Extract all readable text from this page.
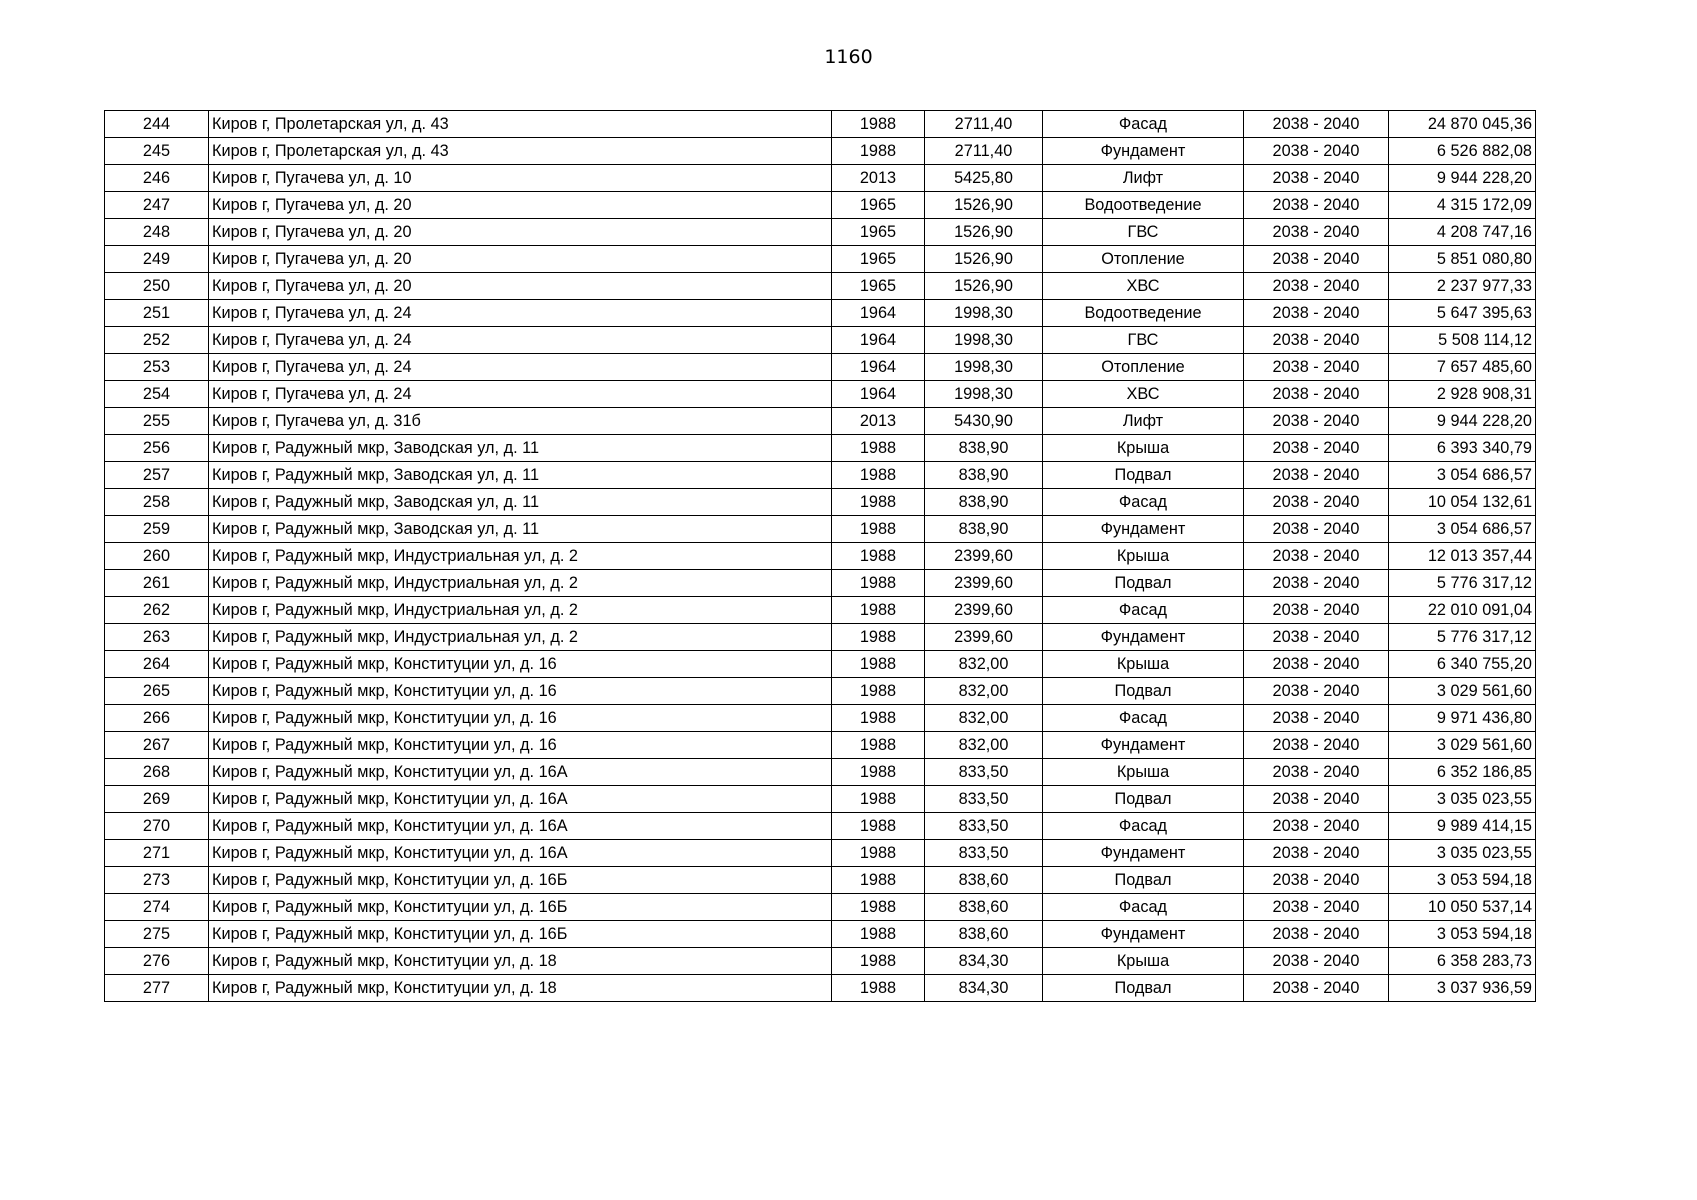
1160
244	Киров г, Пролетарская ул, д. 43	1988	2711,40	Фасад	2038 - 2040	24 870 045,36
245	Киров г, Пролетарская ул, д. 43	1988	2711,40	Фундамент	2038 - 2040	6 526 882,08
246	Киров г, Пугачева ул, д. 10	2013	5425,80	Лифт	2038 - 2040	9 944 228,20
247	Киров г, Пугачева ул, д. 20	1965	1526,90	Водоотведение	2038 - 2040	4 315 172,09
248	Киров г, Пугачева ул, д. 20	1965	1526,90	ГВС	2038 - 2040	4 208 747,16
249	Киров г, Пугачева ул, д. 20	1965	1526,90	Отопление	2038 - 2040	5 851 080,80
250	Киров г, Пугачева ул, д. 20	1965	1526,90	ХВС	2038 - 2040	2 237 977,33
251	Киров г, Пугачева ул, д. 24	1964	1998,30	Водоотведение	2038 - 2040	5 647 395,63
252	Киров г, Пугачева ул, д. 24	1964	1998,30	ГВС	2038 - 2040	5 508 114,12
253	Киров г, Пугачева ул, д. 24	1964	1998,30	Отопление	2038 - 2040	7 657 485,60
254	Киров г, Пугачева ул, д. 24	1964	1998,30	ХВС	2038 - 2040	2 928 908,31
255	Киров г, Пугачева ул, д. 31б	2013	5430,90	Лифт	2038 - 2040	9 944 228,20
256	Киров г, Радужный мкр, Заводская ул, д. 11	1988	838,90	Крыша	2038 - 2040	6 393 340,79
257	Киров г, Радужный мкр, Заводская ул, д. 11	1988	838,90	Подвал	2038 - 2040	3 054 686,57
258	Киров г, Радужный мкр, Заводская ул, д. 11	1988	838,90	Фасад	2038 - 2040	10 054 132,61
259	Киров г, Радужный мкр, Заводская ул, д. 11	1988	838,90	Фундамент	2038 - 2040	3 054 686,57
260	Киров г, Радужный мкр, Индустриальная ул, д. 2	1988	2399,60	Крыша	2038 - 2040	12 013 357,44
261	Киров г, Радужный мкр, Индустриальная ул, д. 2	1988	2399,60	Подвал	2038 - 2040	5 776 317,12
262	Киров г, Радужный мкр, Индустриальная ул, д. 2	1988	2399,60	Фасад	2038 - 2040	22 010 091,04
263	Киров г, Радужный мкр, Индустриальная ул, д. 2	1988	2399,60	Фундамент	2038 - 2040	5 776 317,12
264	Киров г, Радужный мкр, Конституции ул, д. 16	1988	832,00	Крыша	2038 - 2040	6 340 755,20
265	Киров г, Радужный мкр, Конституции ул, д. 16	1988	832,00	Подвал	2038 - 2040	3 029 561,60
266	Киров г, Радужный мкр, Конституции ул, д. 16	1988	832,00	Фасад	2038 - 2040	9 971 436,80
267	Киров г, Радужный мкр, Конституции ул, д. 16	1988	832,00	Фундамент	2038 - 2040	3 029 561,60
268	Киров г, Радужный мкр, Конституции ул, д. 16А	1988	833,50	Крыша	2038 - 2040	6 352 186,85
269	Киров г, Радужный мкр, Конституции ул, д. 16А	1988	833,50	Подвал	2038 - 2040	3 035 023,55
270	Киров г, Радужный мкр, Конституции ул, д. 16А	1988	833,50	Фасад	2038 - 2040	9 989 414,15
271	Киров г, Радужный мкр, Конституции ул, д. 16А	1988	833,50	Фундамент	2038 - 2040	3 035 023,55
273	Киров г, Радужный мкр, Конституции ул, д. 16Б	1988	838,60	Подвал	2038 - 2040	3 053 594,18
274	Киров г, Радужный мкр, Конституции ул, д. 16Б	1988	838,60	Фасад	2038 - 2040	10 050 537,14
275	Киров г, Радужный мкр, Конституции ул, д. 16Б	1988	838,60	Фундамент	2038 - 2040	3 053 594,18
276	Киров г, Радужный мкр, Конституции ул, д. 18	1988	834,30	Крыша	2038 - 2040	6 358 283,73
277	Киров г, Радужный мкр, Конституции ул, д. 18	1988	834,30	Подвал	2038 - 2040	3 037 936,59
